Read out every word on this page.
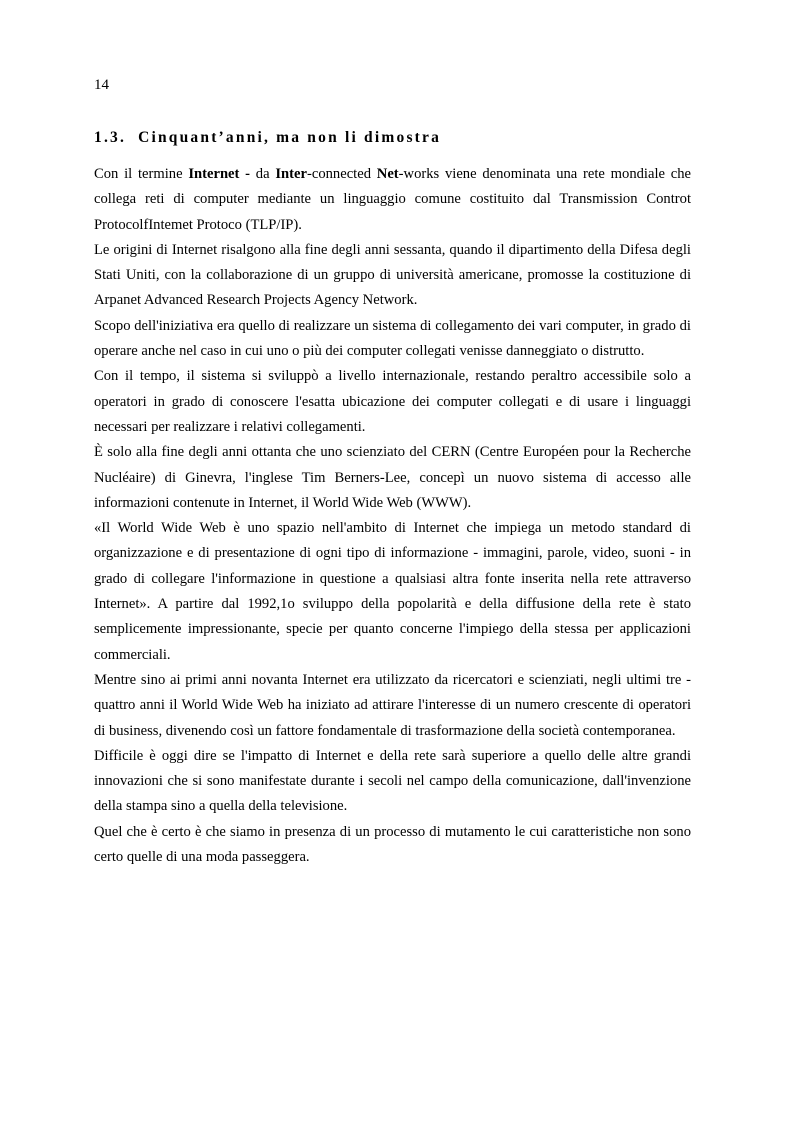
14
1.3. Cinquant’anni, ma non li dimostra

Con il termine Internet - da Inter-connected Net-works viene denominata una rete mondiale che collega reti di computer mediante un linguaggio comune costituito dal Transmission Controt ProtocolfIntemet Protoco (TLP/IP).

Le origini di Internet risalgono alla fine degli anni sessanta, quando il dipartimento della Difesa degli Stati Uniti, con la collaborazione di un gruppo di università americane, promosse la costituzione di Arpanet Advanced Research Projects Agency Network.

Scopo dell'iniziativa era quello di realizzare un sistema di collegamento dei vari computer, in grado di operare anche nel caso in cui uno o più dei computer collegati venisse danneggiato o distrutto.

Con il tempo, il sistema si sviluppò a livello internazionale, restando peraltro accessibile solo a operatori in grado di conoscere l'esatta ubicazione dei computer collegati e di usare i linguaggi necessari per realizzare i relativi collegamenti.

È solo alla fine degli anni ottanta che uno scienziato del CERN (Centre Européen pour la Recherche Nucléaire) di Ginevra, l'inglese Tim Berners-Lee, concepì un nuovo sistema di accesso alle informazioni contenute in Internet, il World Wide Web (WWW).

«Il World Wide Web è uno spazio nell'ambito di Internet che impiega un metodo standard di organizzazione e di presentazione di ogni tipo di informazione - immagini, parole, video, suoni - in grado di collegare l'informazione in questione a qualsiasi altra fonte inserita nella rete attraverso Internet». A partire dal 1992,1o sviluppo della popolarità e della diffusione della rete è stato semplicemente impressionante, specie per quanto concerne l'impiego della stessa per applicazioni commerciali.

Mentre sino ai primi anni novanta Internet era utilizzato da ricercatori e scienziati, negli ultimi tre - quattro anni il World Wide Web ha iniziato ad attirare l'interesse di un numero crescente di operatori di business, divenendo così un fattore fondamentale di trasformazione della società contemporanea.

Difficile è oggi dire se l'impatto di Internet e della rete sarà superiore a quello delle altre grandi innovazioni che si sono manifestate durante i secoli nel campo della comunicazione, dall'invenzione della stampa sino a quella della televisione.

Quel che è certo è che siamo in presenza di un processo di mutamento le cui caratteristiche non sono certo quelle di una moda passeggera.
